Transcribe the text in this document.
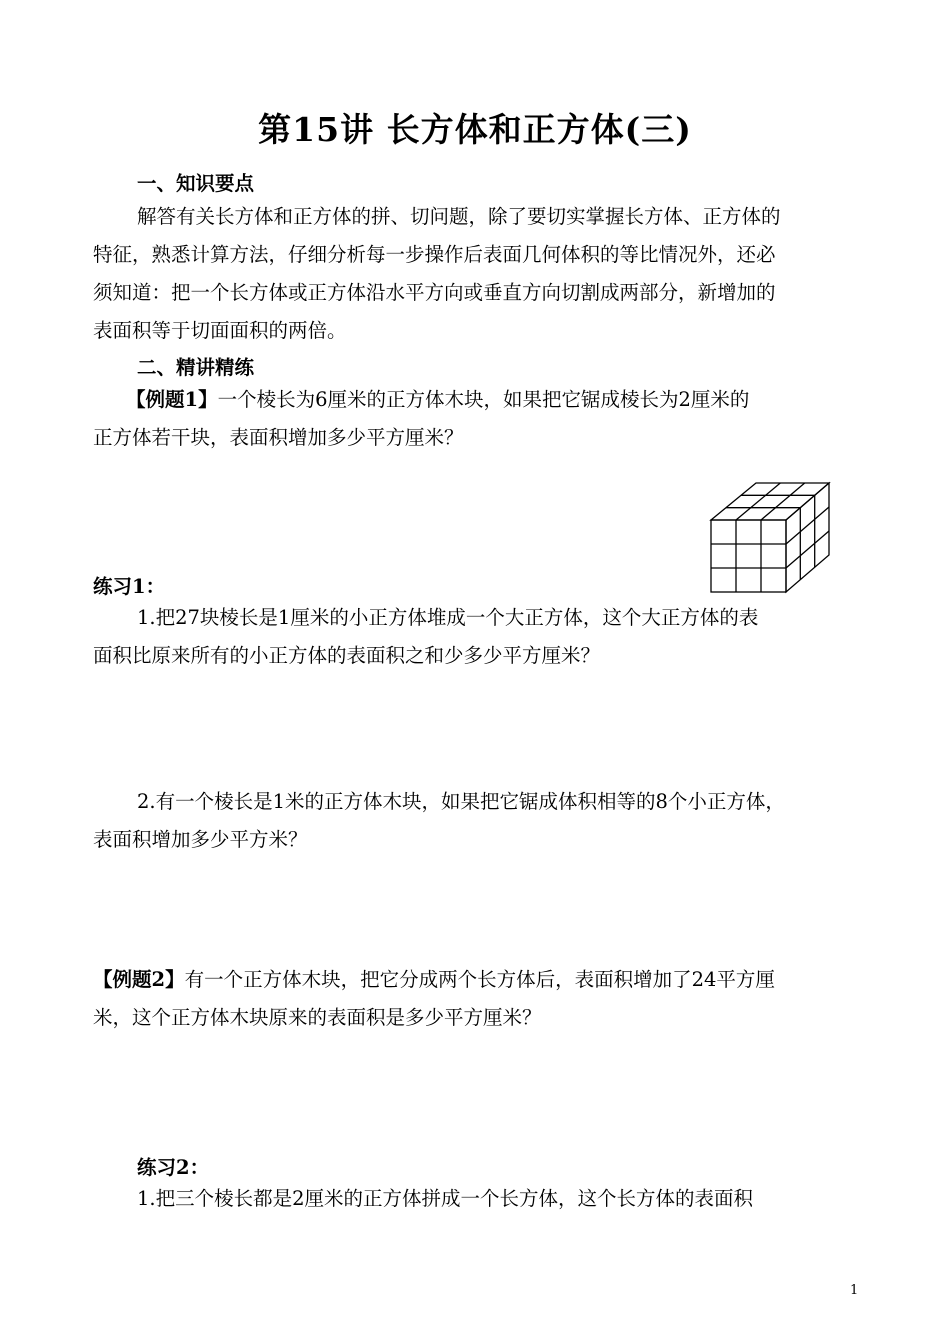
第15讲 长方体和正方体(三)
一、知识要点
解答有关长方体和正方体的拼、切问题，除了要切实掌握长方体、正方体的
特征，熟悉计算方法，仔细分析每一步操作后表面几何体积的等比情况外，还必
须知道：把一个长方体或正方体沿水平方向或垂直方向切割成两部分，新增加的
表面积等于切面面积的两倍。
二、精讲精练
【例题1】一个棱长为6厘米的正方体木块，如果把它锯成棱长为2厘米的
正方体若干块，表面积增加多少平方厘米？
练习1：
1.把27块棱长是1厘米的小正方体堆成一个大正方体，这个大正方体的表
面积比原来所有的小正方体的表面积之和少多少平方厘米？
2.有一个棱长是1米的正方体木块，如果把它锯成体积相等的8个小正方体，
表面积增加多少平方米？
【例题2】有一个正方体木块，把它分成两个长方体后，表面积增加了24平方厘
米，这个正方体木块原来的表面积是多少平方厘米？
练习2：
1.把三个棱长都是2厘米的正方体拼成一个长方体，这个长方体的表面积
1
